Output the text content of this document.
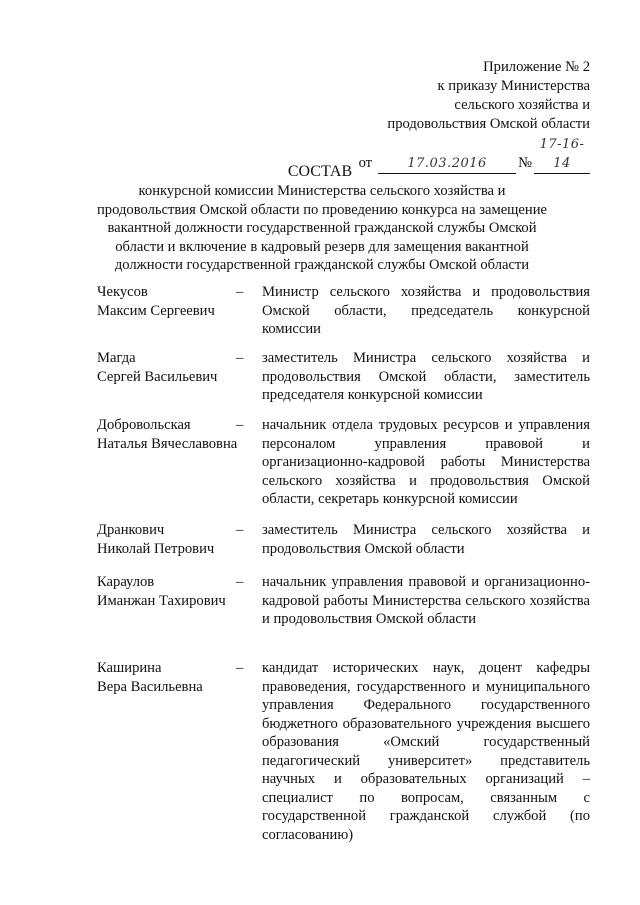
Приложение № 2
к приказу Министерства
сельского хозяйства и
продовольствия Омской области
от	17.03.2016 №17-16-14
СОСТАВ
конкурсной комиссии Министерства сельского хозяйства и продовольствия Омской области по проведению конкурса на замещение вакантной должности государственной гражданской службы Омской области и включение в кадровый резерв для замещения вакантной должности государственной гражданской службы Омской области
Чекусов
Максим Сергеевич
– Министр сельского хозяйства и продовольствия Омской области, председатель конкурсной комиссии
Магда
Сергей Васильевич
– заместитель Министра сельского хозяйства и продовольствия Омской области, заместитель председателя конкурсной комиссии
Добровольская
Наталья Вячеславовна
– начальник отдела трудовых ресурсов и управления персоналом управления правовой и организационно-кадровой работы Министерства сельского хозяйства и продовольствия Омской области, секретарь конкурсной комиссии
Дранкович
Николай Петрович
– заместитель Министра сельского хозяйства и продовольствия Омской области
Караулов
Иманжан Тахирович
– начальник управления правовой и организационно-кадровой работы Министерства сельского хозяйства и продовольствия Омской области
Каширина
Вера Васильевна
– кандидат исторических наук, доцент кафедры правоведения, государственного и муниципального управления Федерального государственного бюджетного образовательного учреждения высшего образования «Омский государственный педагогический университет» представитель научных и образовательных организаций – специалист по вопросам, связанным с государственной гражданской службой (по согласованию)
